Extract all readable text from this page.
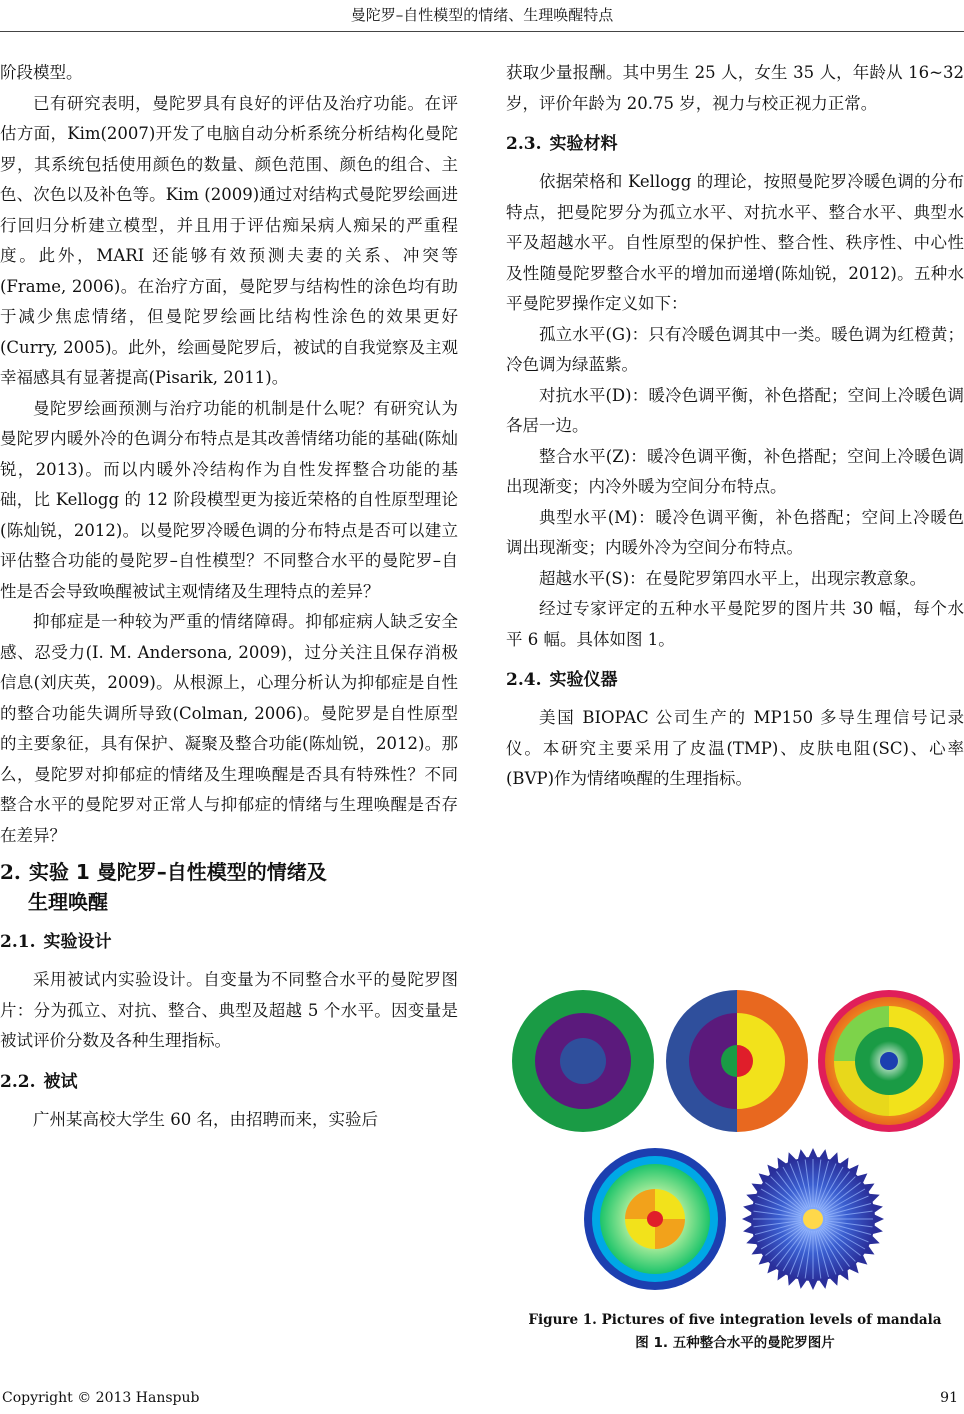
曼陀罗–自性模型的情绪、生理唤醒特点

阶段模型。

已有研究表明，曼陀罗具有良好的评估及治疗功能。在评估方面，Kim(2007)开发了电脑自动分析系统分析结构化曼陀罗，其系统包括使用颜色的数量、颜色范围、颜色的组合、主色、次色以及补色等。Kim (2009)通过对结构式曼陀罗绘画进行回归分析建立模型，并且用于评估痴呆病人痴呆的严重程度。此外，MARI 还能够有效预测夫妻的关系、冲突等(Frame, 2006)。在治疗方面，曼陀罗与结构性的涂色均有助于减少焦虑情绪，但曼陀罗绘画比结构性涂色的效果更好(Curry, 2005)。此外，绘画曼陀罗后，被试的自我觉察及主观幸福感具有显著提高(Pisarik, 2011)。

曼陀罗绘画预测与治疗功能的机制是什么呢？有研究认为曼陀罗内暖外冷的色调分布特点是其改善情绪功能的基础(陈灿锐，2013)。而以内暖外冷结构作为自性发挥整合功能的基础，比 Kellogg 的 12 阶段模型更为接近荣格的自性原型理论(陈灿锐，2012)。以曼陀罗冷暖色调的分布特点是否可以建立评估整合功能的曼陀罗–自性模型？不同整合水平的曼陀罗–自性是否会导致唤醒被试主观情绪及生理特点的差异？

抑郁症是一种较为严重的情绪障碍。抑郁症病人缺乏安全感、忍受力(I. M. Andersona, 2009)，过分关注且保存消极信息(刘庆英，2009)。从根源上，心理分析认为抑郁症是自性的整合功能失调所导致(Colman, 2006)。曼陀罗是自性原型的主要象征，具有保护、凝聚及整合功能(陈灿锐，2012)。那么，曼陀罗对抑郁症的情绪及生理唤醒是否具有特殊性？不同整合水平的曼陀罗对正常人与抑郁症的情绪与生理唤醒是否存在差异？

2. 实验 1 曼陀罗–自性模型的情绪及
生理唤醒
2.1. 实验设计

采用被试内实验设计。自变量为不同整合水平的曼陀罗图片：分为孤立、对抗、整合、典型及超越 5 个水平。因变量是被试评价分数及各种生理指标。

2.2. 被试

广州某高校大学生 60 名，由招聘而来，实验后

获取少量报酬。其中男生 25 人，女生 35 人，年龄从 16~32 岁，评价年龄为 20.75 岁，视力与校正视力正常。

2.3. 实验材料

依据荣格和 Kellogg 的理论，按照曼陀罗冷暖色调的分布特点，把曼陀罗分为孤立水平、对抗水平、整合水平、典型水平及超越水平。自性原型的保护性、整合性、秩序性、中心性及性随曼陀罗整合水平的增加而递增(陈灿锐，2012)。五种水平曼陀罗操作定义如下：

孤立水平(G)：只有冷暖色调其中一类。暖色调为红橙黄；冷色调为绿蓝紫。

对抗水平(D)：暖冷色调平衡，补色搭配；空间上冷暖色调各居一边。

整合水平(Z)：暖冷色调平衡，补色搭配；空间上冷暖色调出现渐变；内冷外暖为空间分布特点。

典型水平(M)：暖冷色调平衡，补色搭配；空间上冷暖色调出现渐变；内暖外冷为空间分布特点。

超越水平(S)：在曼陀罗第四水平上，出现宗教意象。

经过专家评定的五种水平曼陀罗的图片共 30 幅，每个水平 6 幅。具体如图 1。

2.4. 实验仪器

美国 BIOPAC 公司生产的 MP150 多导生理信号记录仪。本研究主要采用了皮温(TMP)、皮肤电阻(SC)、心率(BVP)作为情绪唤醒的生理指标。

Figure 1. Pictures of five integration levels of mandala
图 1. 五种整合水平的曼陀罗图片
Copyright © 2013 Hanspub	91
